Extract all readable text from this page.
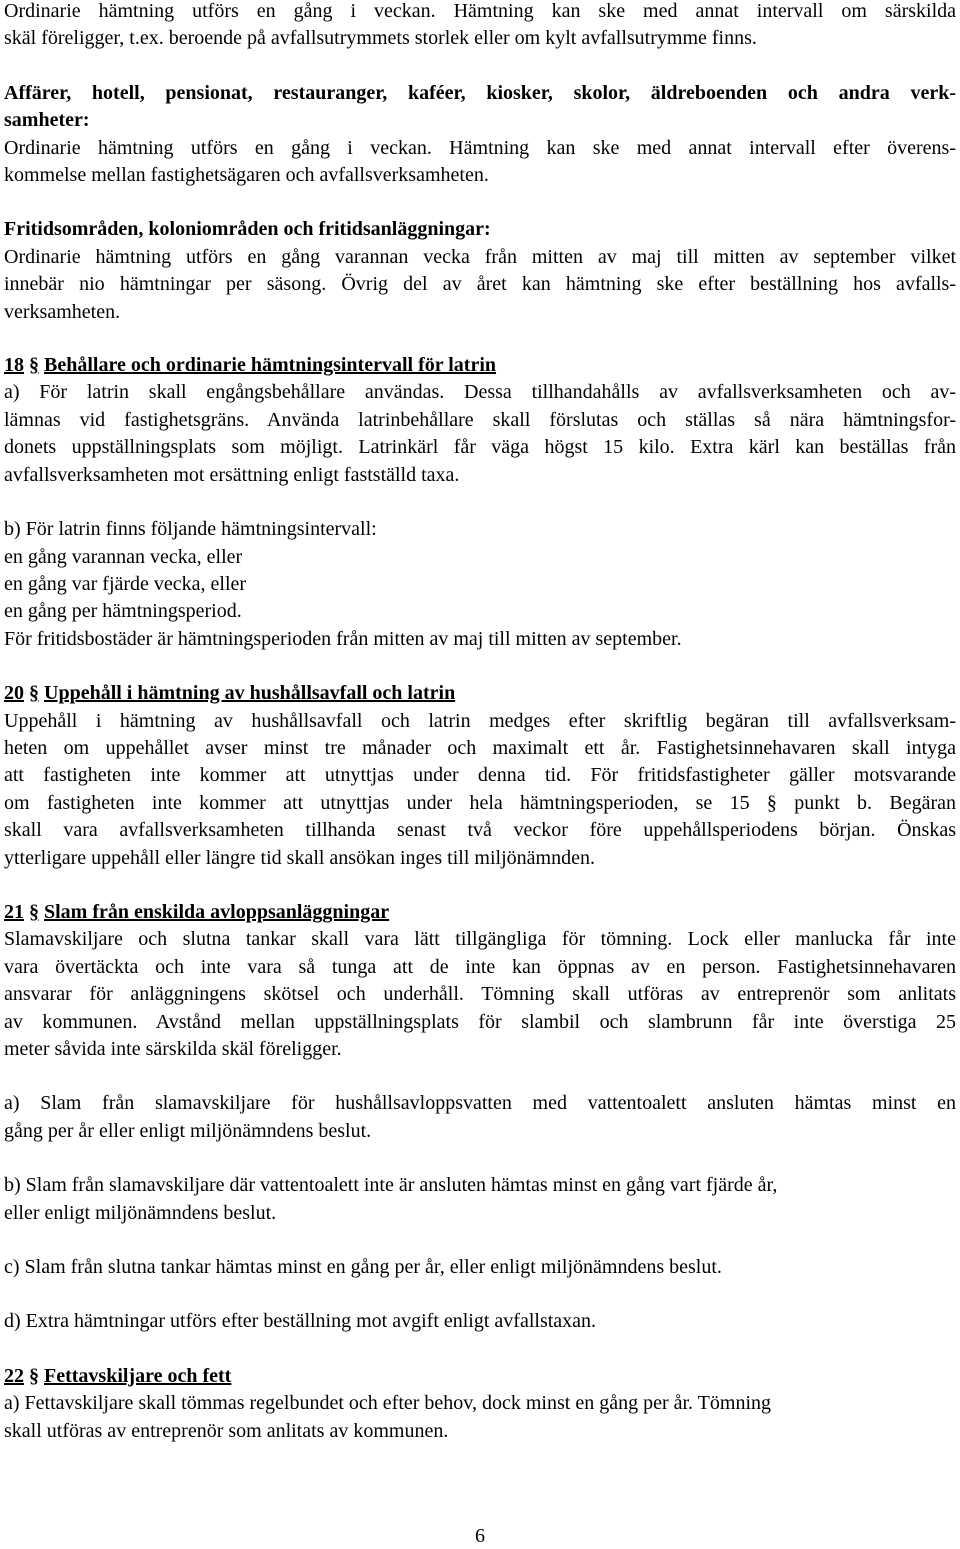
Ordinarie hämtning utförs en gång i veckan. Hämtning kan ske med annat intervall om särskilda
skäl föreligger, t.ex. beroende på avfallsutrymmets storlek eller om kylt avfallsutrymme finns.
Affärer, hotell, pensionat, restauranger, kaféer, kiosker, skolor, äldreboenden och andra verk-
samheter:
Ordinarie hämtning utförs en gång i veckan. Hämtning kan ske med annat intervall efter överens-
kommelse mellan fastighetsägaren och avfallsverksamheten.
Fritidsområden, koloniområden och fritidsanläggningar:
Ordinarie hämtning utförs en gång varannan vecka från mitten av maj till mitten av september vilket
innebär nio hämtningar per säsong. Övrig del av året kan hämtning ske efter beställning hos avfalls-
verksamheten.
18 § Behållare och ordinarie hämtningsintervall för latrin
a) För latrin skall engångsbehållare användas. Dessa tillhandahålls av avfallsverksamheten och av-
lämnas vid fastighetsgräns. Använda latrinbehållare skall förslutas och ställas så nära hämtningsfor-
donets uppställningsplats som möjligt. Latrinkärl får väga högst 15 kilo. Extra kärl kan beställas från
avfallsverksamheten mot ersättning enligt fastställd taxa.
b) För latrin finns följande hämtningsintervall:
en gång varannan vecka, eller
en gång var fjärde vecka, eller
en gång per hämtningsperiod.
För fritidsbostäder är hämtningsperioden från mitten av maj till mitten av september.
20 § Uppehåll i hämtning av hushållsavfall och latrin
Uppehåll i hämtning av hushållsavfall och latrin medges efter skriftlig begäran till avfallsverksam-
heten om uppehållet avser minst tre månader och maximalt ett år. Fastighetsinnehavaren skall intyga
att fastigheten inte kommer att utnyttjas under denna tid. För fritidsfastigheter gäller motsvarande
om fastigheten inte kommer att utnyttjas under hela hämtningsperioden, se 15 § punkt b. Begäran
skall vara avfallsverksamheten tillhanda senast två veckor före uppehållsperiodens början. Önskas
ytterligare uppehåll eller längre tid skall ansökan inges till miljönämnden.
21 § Slam från enskilda avloppsanläggningar
Slamavskiljare och slutna tankar skall vara lätt tillgängliga för tömning. Lock eller manlucka får inte
vara övertäckta och inte vara så tunga att de inte kan öppnas av en person. Fastighetsinnehavaren
ansvarar för anläggningens skötsel och underhåll. Tömning skall utföras av entreprenör som anlitats
av kommunen. Avstånd mellan uppställningsplats för slambil och slambrunn får inte överstiga 25
meter såvida inte särskilda skäl föreligger.
a) Slam från slamavskiljare för hushållsavloppsvatten med vattentoalett ansluten hämtas minst en
gång per år eller enligt miljönämndens beslut.
b) Slam från slamavskiljare där vattentoalett inte är ansluten hämtas minst en gång vart fjärde år,
eller enligt miljönämndens beslut.
c) Slam från slutna tankar hämtas minst en gång per år, eller enligt miljönämndens beslut.
d) Extra hämtningar utförs efter beställning mot avgift enligt avfallstaxan.
22 § Fettavskiljare och fett
a) Fettavskiljare skall tömmas regelbundet och efter behov, dock minst en gång per år. Tömning
skall utföras av entreprenör som anlitats av kommunen.
6
